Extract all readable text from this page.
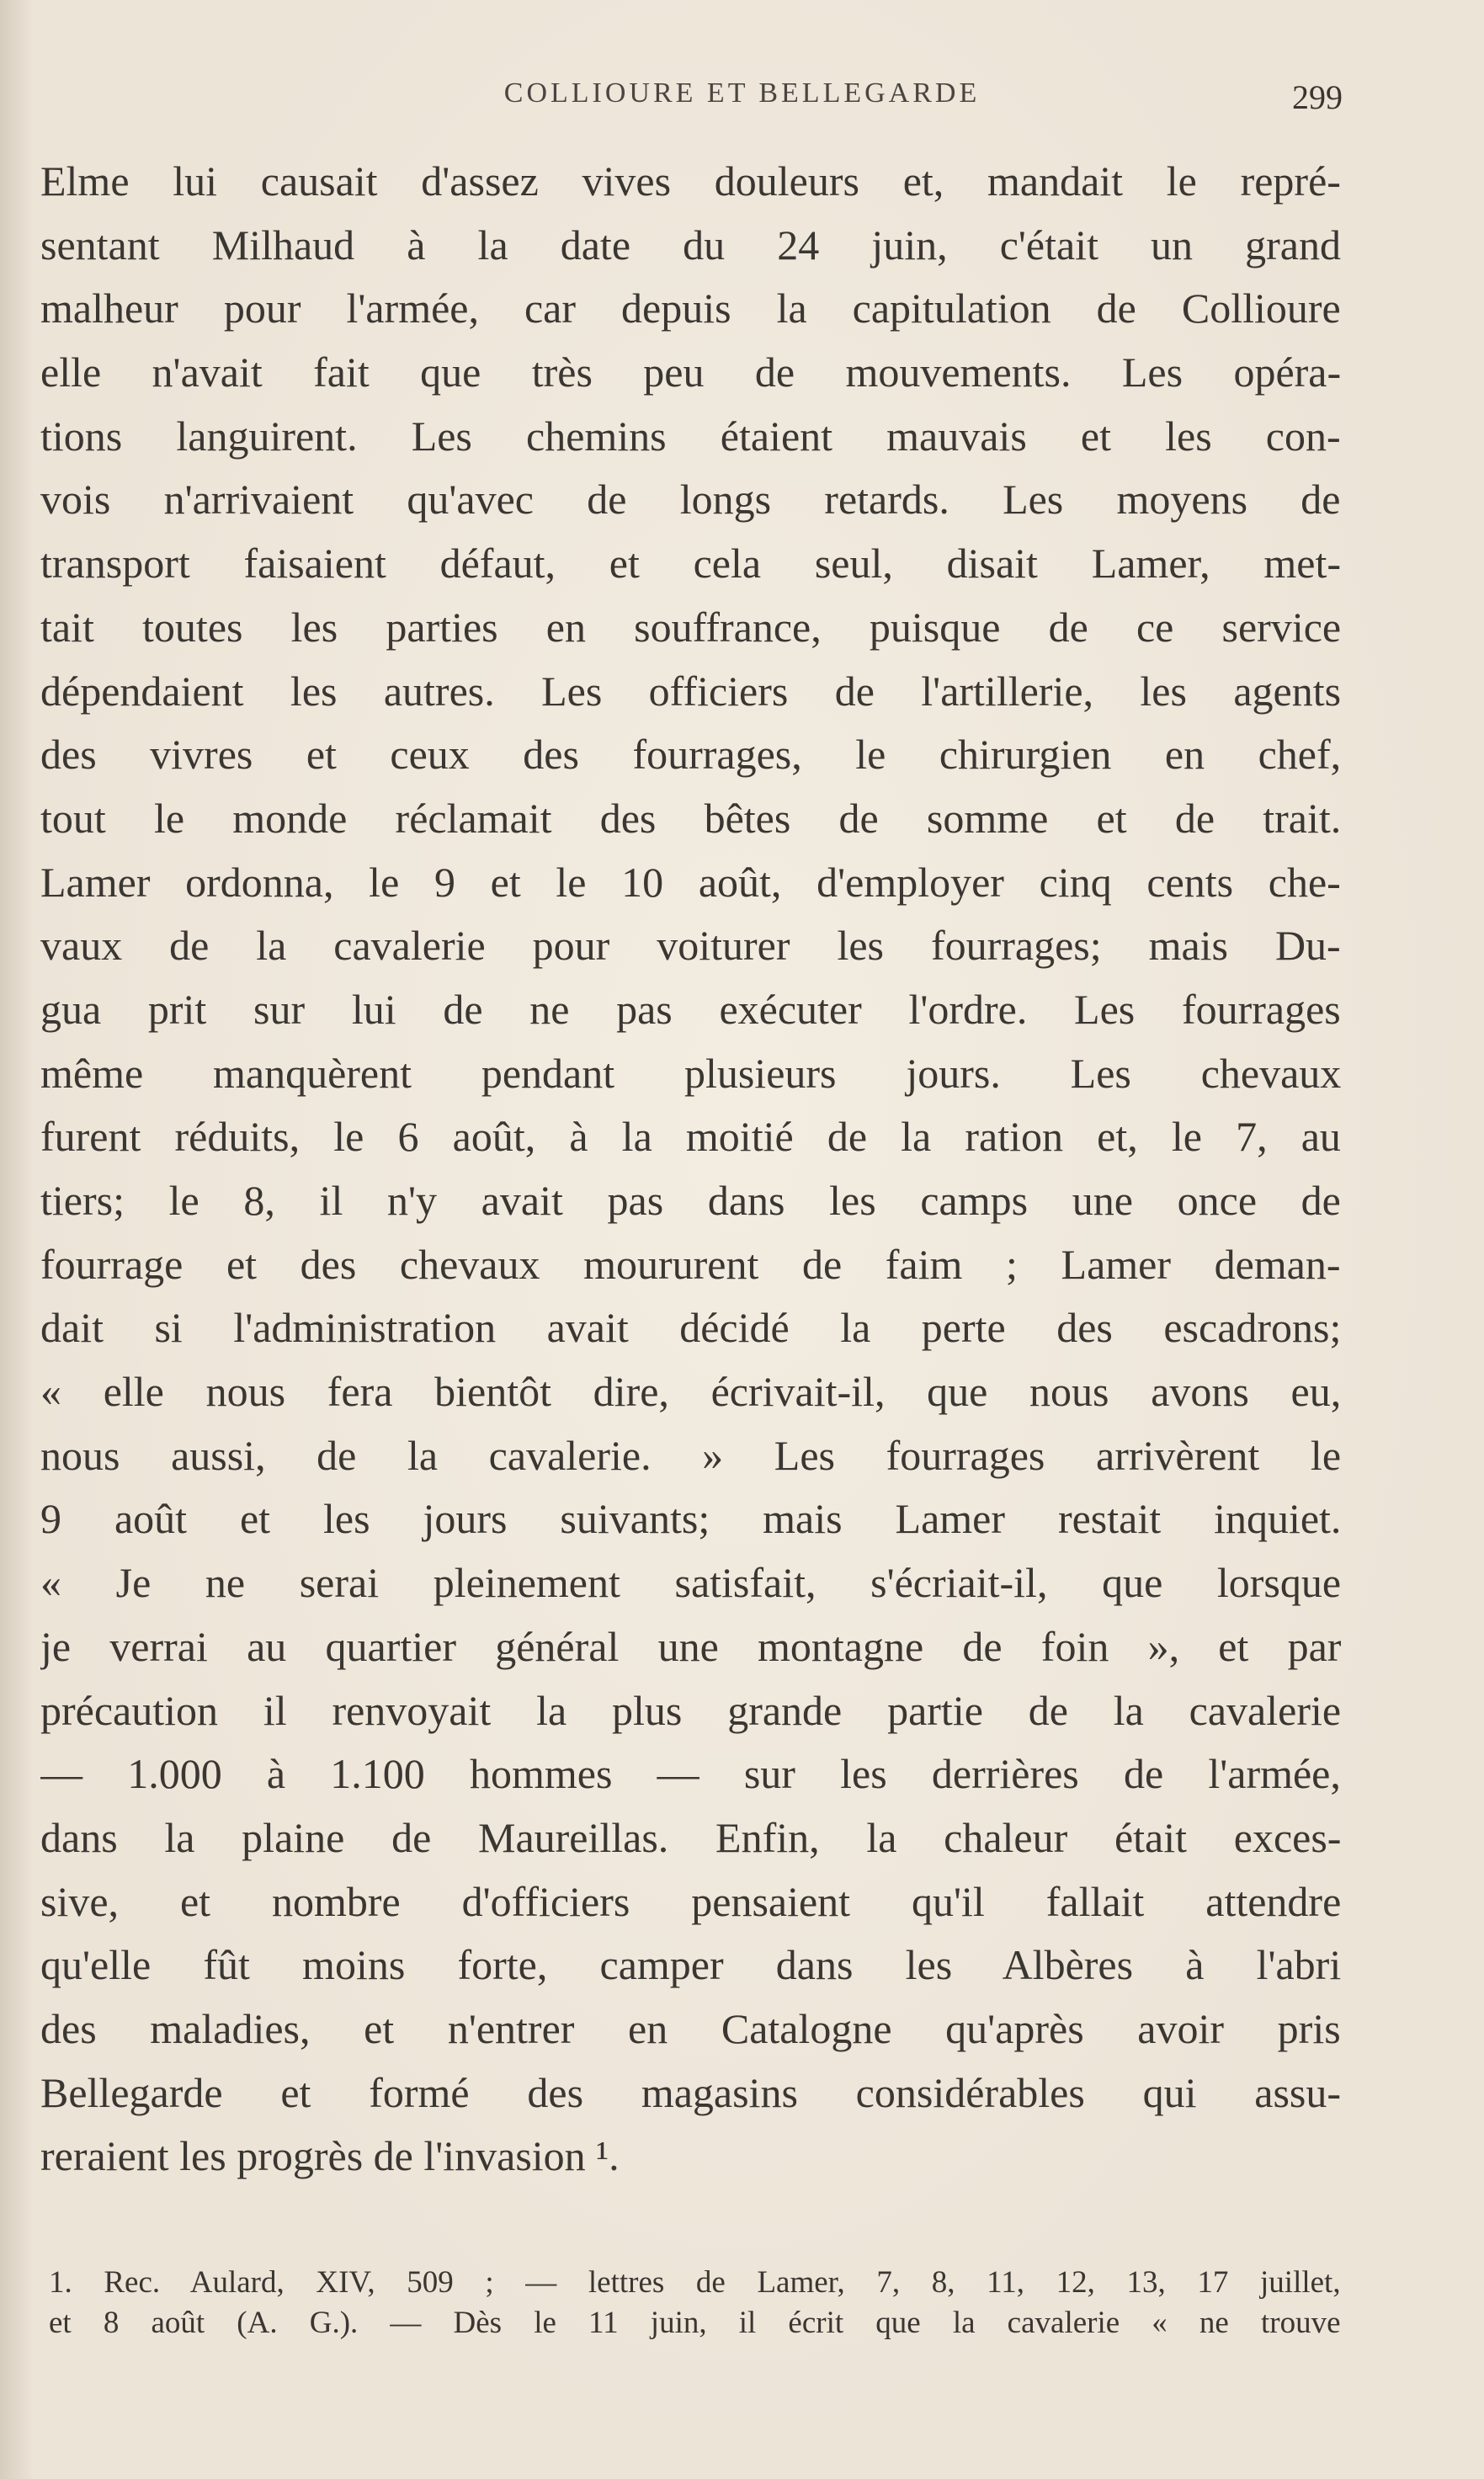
COLLIOURE ET BELLEGARDE	299
Elme lui causait d'assez vives douleurs et, mandait le repré-
sentant Milhaud à la date du 24 juin, c'était un grand
malheur pour l'armée, car depuis la capitulation de Collioure
elle n'avait fait que très peu de mouvements. Les opéra-
tions languirent. Les chemins étaient mauvais et les con-
vois n'arrivaient qu'avec de longs retards. Les moyens de
transport faisaient défaut, et cela seul, disait Lamer, met-
tait toutes les parties en souffrance, puisque de ce service
dépendaient les autres. Les officiers de l'artillerie, les agents
des vivres et ceux des fourrages, le chirurgien en chef,
tout le monde réclamait des bêtes de somme et de trait.
Lamer ordonna, le 9 et le 10 août, d'employer cinq cents che-
vaux de la cavalerie pour voiturer les fourrages; mais Du-
gua prit sur lui de ne pas exécuter l'ordre. Les fourrages
même manquèrent pendant plusieurs jours. Les chevaux
furent réduits, le 6 août, à la moitié de la ration et, le 7, au
tiers; le 8, il n'y avait pas dans les camps une once de
fourrage et des chevaux moururent de faim ; Lamer deman-
dait si l'administration avait décidé la perte des escadrons;
« elle nous fera bientôt dire, écrivait-il, que nous avons eu,
nous aussi, de la cavalerie. » Les fourrages arrivèrent le
9 août et les jours suivants; mais Lamer restait inquiet.
« Je ne serai pleinement satisfait, s'écriait-il, que lorsque
je verrai au quartier général une montagne de foin », et par
précaution il renvoyait la plus grande partie de la cavalerie
— 1.000 à 1.100 hommes — sur les derrières de l'armée,
dans la plaine de Maureillas. Enfin, la chaleur était exces-
sive, et nombre d'officiers pensaient qu'il fallait attendre
qu'elle fût moins forte, camper dans les Albères à l'abri
des maladies, et n'entrer en Catalogne qu'après avoir pris
Bellegarde et formé des magasins considérables qui assu-
reraient les progrès de l'invasion ¹.
1. Rec. Aulard, XIV, 509 ; — lettres de Lamer, 7, 8, 11, 12, 13, 17 juillet,
et 8 août (A. G.). — Dès le 11 juin, il écrit que la cavalerie « ne trouve
